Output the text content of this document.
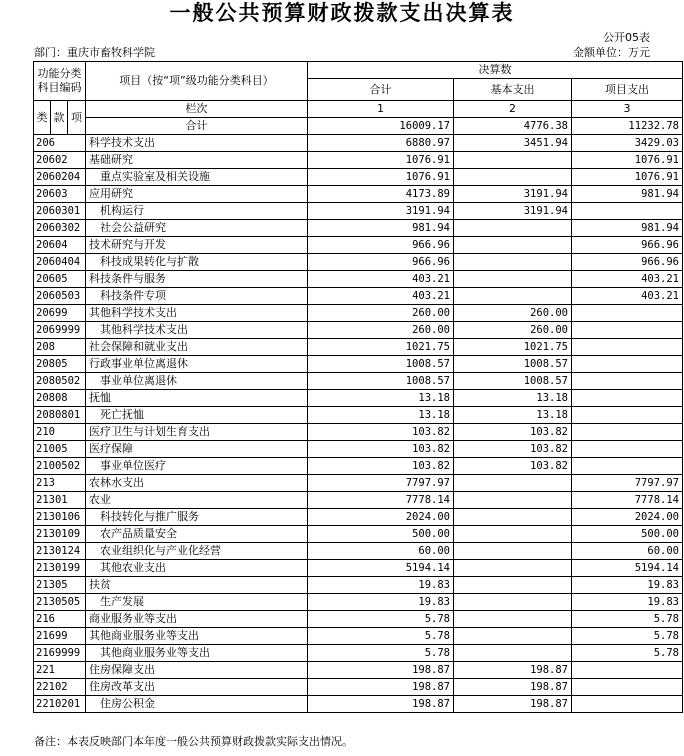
一般公共预算财政拨款支出决算表
公开05表
部门：重庆市畜牧科学院	金额单位：万元
功能分类
科目编码			项目（按“项”级功能分类科目）	决算数		
				合计	基本支出	项目支出
类	款	项				
			栏次	1	2	3
			合计	16009.17	4776.38	11232.78
206			科学技术支出	6880.97	3451.94	3429.03
20602			基础研究	1076.91		1076.91
2060204			重点实验室及相关设施	1076.91		1076.91
20603			应用研究	4173.89	3191.94	981.94
2060301			机构运行	3191.94	3191.94	
2060302			社会公益研究	981.94		981.94
20604			技术研究与开发	966.96		966.96
2060404			科技成果转化与扩散	966.96		966.96
20605			科技条件与服务	403.21		403.21
2060503			科技条件专项	403.21		403.21
20699			其他科学技术支出	260.00	260.00	
2069999			其他科学技术支出	260.00	260.00	
208			社会保障和就业支出	1021.75	1021.75	
20805			行政事业单位离退休	1008.57	1008.57	
2080502			事业单位离退休	1008.57	1008.57	
20808			抚恤	13.18	13.18	
2080801			死亡抚恤	13.18	13.18	
210			医疗卫生与计划生育支出	103.82	103.82	
21005			医疗保障	103.82	103.82	
2100502			事业单位医疗	103.82	103.82	
213			农林水支出	7797.97		7797.97
21301			农业	7778.14		7778.14
2130106			科技转化与推广服务	2024.00		2024.00
2130109			农产品质量安全	500.00		500.00
2130124			农业组织化与产业化经营	60.00		60.00
2130199			其他农业支出	5194.14		5194.14
21305			扶贫	19.83		19.83
2130505			生产发展	19.83		19.83
216			商业服务业等支出	5.78		5.78
21699			其他商业服务业等支出	5.78		5.78
2169999			其他商业服务业等支出	5.78		5.78
221			住房保障支出	198.87	198.87	
22102			住房改革支出	198.87	198.87	
2210201			住房公积金	198.87	198.87	
备注：本表反映部门本年度一般公共预算财政拨款实际支出情况。
